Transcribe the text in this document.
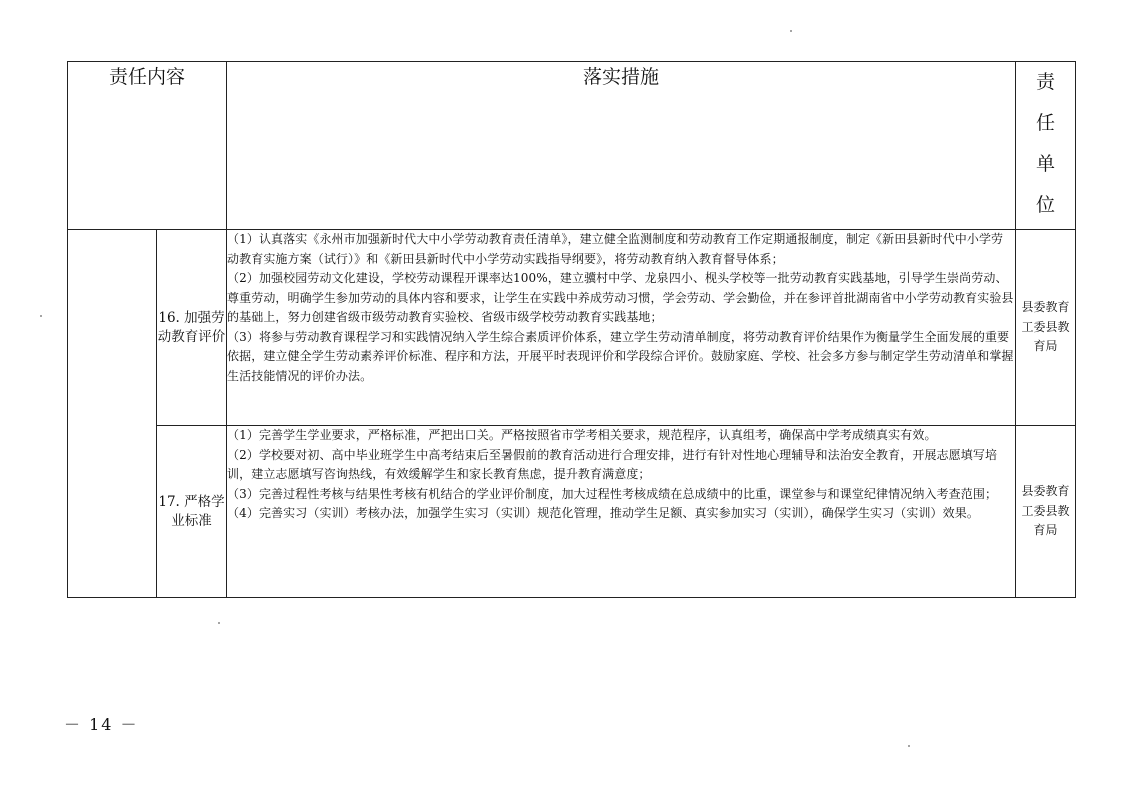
责任内容		落实措施	责
任
单
位

	16. 加强劳动教育评价	（1）认真落实《永州市加强新时代大中小学劳动教育责任清单》，建立健全监测制度和劳动教育工作定期通报制度，制定《新田县新时代中小学劳动教育实施方案（试行）》和《新田县新时代中小学劳动实践指导纲要》，将劳动教育纳入教育督导体系；

（2）加强校园劳动文化建设，学校劳动课程开课率达100%，建立骥村中学、龙泉四小、枧头学校等一批劳动教育实践基地，引导学生崇尚劳动、尊重劳动，明确学生参加劳动的具体内容和要求，让学生在实践中养成劳动习惯，学会劳动、学会勤俭，并在参评首批湖南省中小学劳动教育实验县的基础上，努力创建省级市级劳动教育实验校、省级市级学校劳动教育实践基地；

（3）将参与劳动教育课程学习和实践情况纳入学生综合素质评价体系，建立学生劳动清单制度，将劳动教育评价结果作为衡量学生全面发展的重要依据，建立健全学生劳动素养评价标准、程序和方法，开展平时表现评价和学段综合评价。鼓励家庭、学校、社会多方参与制定学生劳动清单和掌握生活技能情况的评价办法。	县委教育工委县教育局
	17. 严格学业标准	（1）完善学生学业要求，严格标准，严把出口关。严格按照省市学考相关要求，规范程序，认真组考，确保高中学考成绩真实有效。

（2）学校要对初、高中毕业班学生中高考结束后至暑假前的教育活动进行合理安排，进行有针对性地心理辅导和法治安全教育，开展志愿填写培训，建立志愿填写咨询热线，有效缓解学生和家长教育焦虑，提升教育满意度；

（3）完善过程性考核与结果性考核有机结合的学业评价制度，加大过程性考核成绩在总成绩中的比重，课堂参与和课堂纪律情况纳入考查范围；

（4）完善实习（实训）考核办法，加强学生实习（实训）规范化管理，推动学生足额、真实参加实习（实训），确保学生实习（实训）效果。	县委教育工委县教育局
－ 14 －
